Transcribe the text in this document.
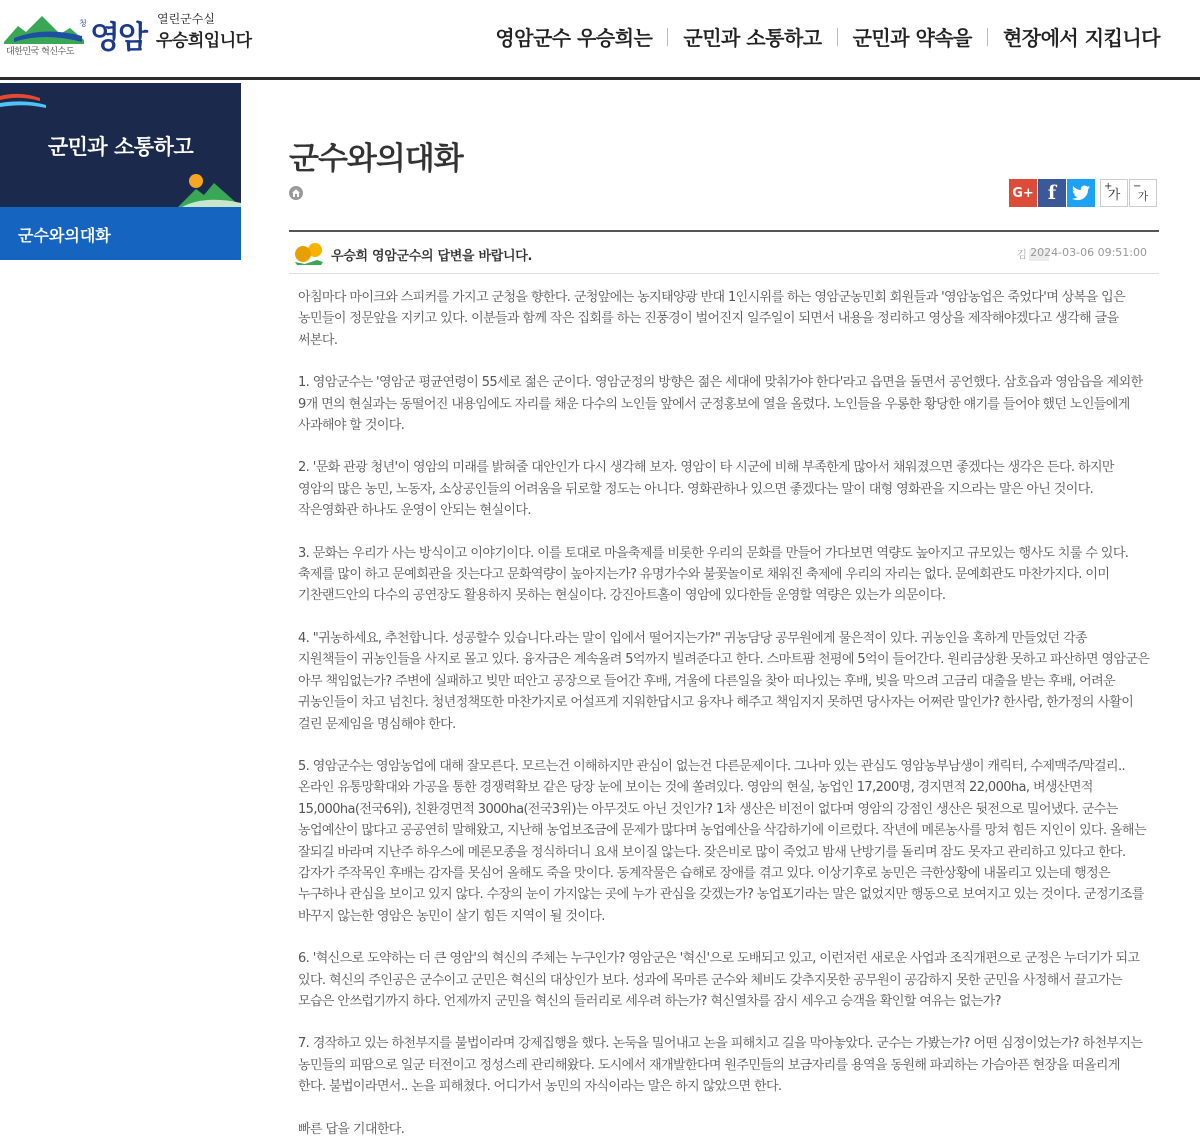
대한민국 혁신수도
청 영암
열린군수실
우승희입니다	영암군수 우승희는 군민과 소통하고 군민과 약속을 현장에서 지킵니다
군민과 소통하고
군수와의대화
군수와의대화
G+ f	+
가
−
가
우승희 영암군수의 답변을 바랍니다.	김 2024-03-06 09:51:00

아침마다 마이크와 스피커를 가지고 군청을 향한다. 군청앞에는 농지태양광 반대 1인시위를 하는 영암군농민회 회원들과 '영암농업은 죽었다'며 상복을 입은 농민들이 정문앞을 지키고 있다. 이분들과 함께 작은 집회를 하는 진풍경이 벌어진지 일주일이 되면서 내용을 정리하고 영상을 제작해야겠다고 생각해 글을 써본다.

1. 영암군수는 '영암군 평균연령이 55세로 젊은 군이다. 영암군정의 방향은 젊은 세대에 맞춰가야 한다'라고 읍면을 돌면서 공언했다. 삼호읍과 영암읍을 제외한 9개 면의 현실과는 동떨어진 내용임에도 자리를 채운 다수의 노인들 앞에서 군정홍보에 열을 올렸다. 노인들을 우롱한 황당한 얘기를 들어야 했던 노인들에게 사과해야 할 것이다.

2. '문화 관광 청년'이 영암의 미래를 밝혀줄 대안인가 다시 생각해 보자. 영암이 타 시군에 비해 부족한게 많아서 채워졌으면 좋겠다는 생각은 든다. 하지만 영암의 많은 농민, 노동자, 소상공인들의 어려움을 뒤로할 정도는 아니다. 영화관하나 있으면 좋겠다는 말이 대형 영화관을 지으라는 말은 아닌 것이다. 작은영화관 하나도 운영이 안되는 현실이다.

3. 문화는 우리가 사는 방식이고 이야기이다. 이를 토대로 마을축제를 비롯한 우리의 문화를 만들어 가다보면 역량도 높아지고 규모있는 행사도 치룰 수 있다. 축제를 많이 하고 문예회관을 짓는다고 문화역량이 높아지는가? 유명가수와 불꽃놀이로 채워진 축제에 우리의 자리는 없다. 문예회관도 마찬가지다. 이미 기찬랜드안의 다수의 공연장도 활용하지 못하는 현실이다. 강진아트홀이 영암에 있다한들 운영할 역량은 있는가 의문이다.

4. "귀농하세요, 추천합니다. 성공할수 있습니다.라는 말이 입에서 떨어지는가?" 귀농담당 공무원에게 물은적이 있다. 귀농인을 혹하게 만들었던 각종 지원책들이 귀농인들을 사지로 몰고 있다. 융자금은 계속올려 5억까지 빌려준다고 한다. 스마트팜 천평에 5억이 들어간다. 원리금상환 못하고 파산하면 영암군은 아무 책임없는가? 주변에 실패하고 빚만 떠안고 공장으로 들어간 후배, 겨울에 다른일을 찾아 떠나있는 후배, 빚을 막으려 고금리 대출을 받는 후배, 어려운 귀농인들이 차고 넘친다. 청년정책또한 마찬가지로 어설프게 지워한답시고 융자나 해주고 책임지지 못하면 당사자는 어쩌란 말인가? 한사람, 한가정의 사활이 걸린 문제임을 명심해야 한다.

5. 영암군수는 영암농업에 대해 잘모른다. 모르는건 이해하지만 관심이 없는건 다른문제이다. 그나마 있는 관심도 영암농부남생이 캐릭터, 수제맥주/막걸리.. 온라인 유통망확대와 가공을 통한 경쟁력확보 같은 당장 눈에 보이는 것에 쏠려있다. 영암의 현실, 농업인 17,200명, 경지면적 22,000ha, 벼생산면적 15,000ha(전국6위), 친환경면적 3000ha(전국3위)는 아무것도 아닌 것인가? 1차 생산은 비전이 없다며 영암의 강점인 생산은 뒷전으로 밀어냈다. 군수는 농업예산이 많다고 공공연히 말해왔고, 지난해 농업보조금에 문제가 많다며 농업예산을 삭감하기에 이르렀다. 작년에 메론농사를 망쳐 힘든 지인이 있다. 올해는 잘되길 바라며 지난주 하우스에 메론모종을 정식하더니 요새 보이질 않는다. 잦은비로 많이 죽었고 밤새 난방기를 돌리며 잠도 못자고 관리하고 있다고 한다. 감자가 주작목인 후배는 감자를 못심어 올해도 죽을 맛이다. 동계작물은 습해로 장애를 겪고 있다. 이상기후로 농민은 극한상황에 내몰리고 있는데 행정은 누구하나 관심을 보이고 있지 않다. 수장의 눈이 가지않는 곳에 누가 관심을 갖겠는가? 농업포기라는 말은 없었지만 행동으로 보여지고 있는 것이다. 군정기조를 바꾸지 않는한 영암은 농민이 살기 힘든 지역이 될 것이다.

6. '혁신으로 도약하는 더 큰 영암'의 혁신의 주체는 누구인가? 영암군은 '혁신'으로 도배되고 있고, 이런저런 새로운 사업과 조직개편으로 군정은 누더기가 되고 있다. 혁신의 주인공은 군수이고 군민은 혁신의 대상인가 보다. 성과에 목마른 군수와 체비도 갖추지못한 공무원이 공감하지 못한 군민을 사정해서 끌고가는 모습은 안쓰럽기까지 하다. 언제까지 군민을 혁신의 들러리로 세우려 하는가? 혁신열차를 잠시 세우고 승객을 확인할 여유는 없는가?

7. 경작하고 있는 하천부지를 불법이라며 강제집행을 했다. 논둑을 밀어내고 논을 피해치고 길을 막아놓았다. 군수는 가봤는가? 어떤 심정이었는가? 하천부지는 농민들의 피땀으로 일군 터전이고 정성스레 관리해왔다. 도시에서 재개발한다며 원주민들의 보금자리를 용역을 동원해 파괴하는 가슴아픈 현장을 떠올리게 한다. 불법이라면서.. 논을 피해쳤다. 어디가서 농민의 자식이라는 말은 하지 않았으면 한다.

빠른 답을 기대한다.
